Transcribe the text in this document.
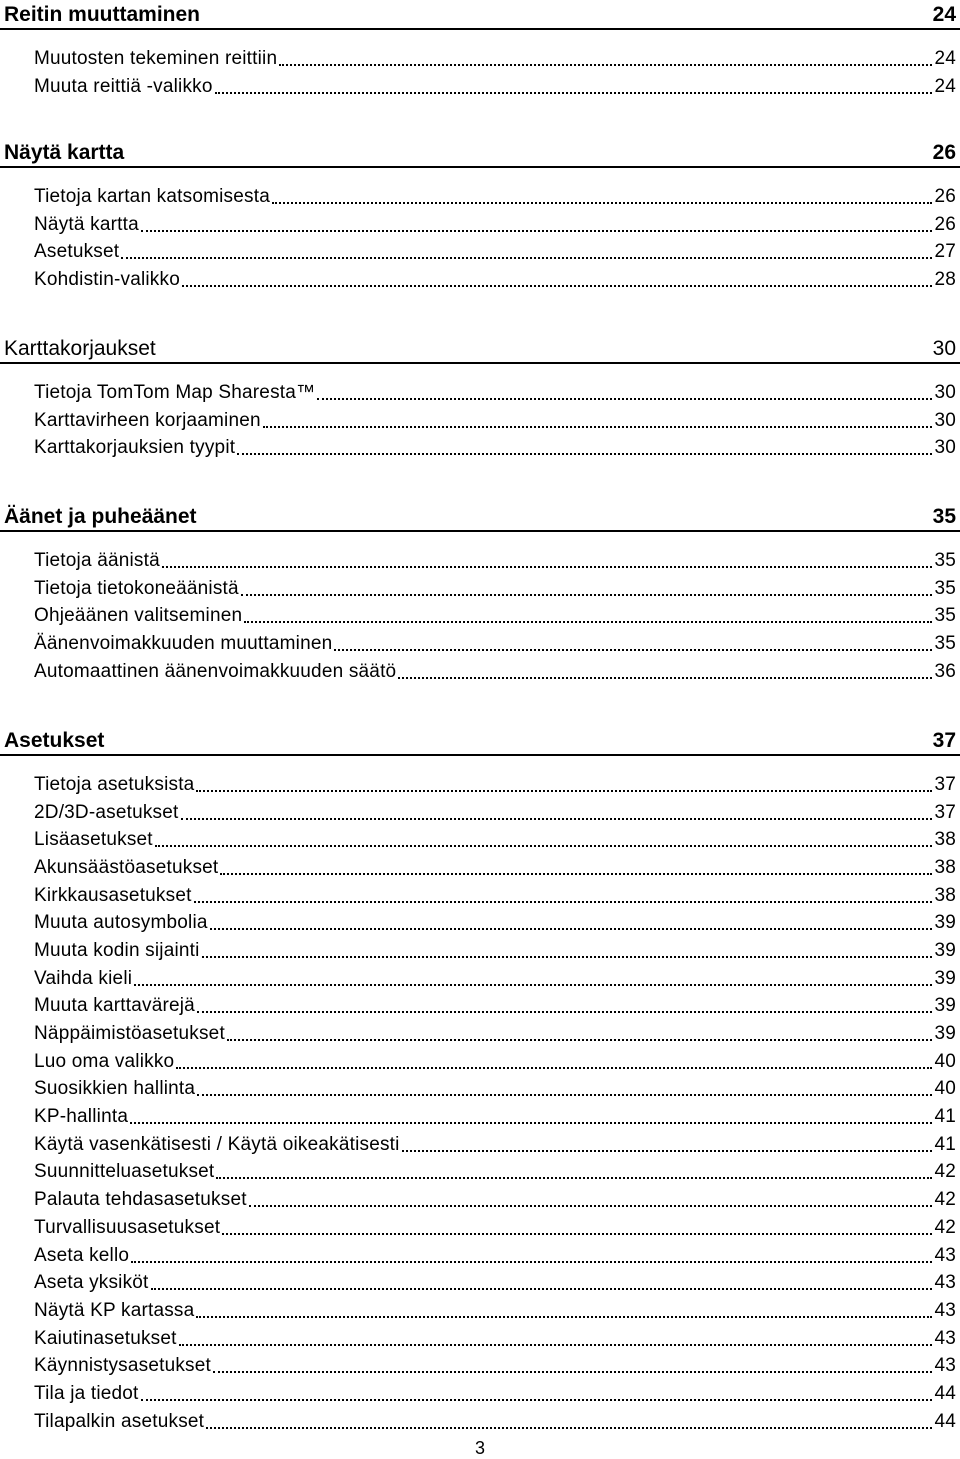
Reitin muuttaminen	24
Muutosten tekeminen reittiin	24
Muuta reittiä -valikko	24
Näytä kartta	26
Tietoja kartan katsomisesta	26
Näytä kartta	26
Asetukset	27
Kohdistin-valikko	28
Karttakorjaukset	30
Tietoja TomTom Map Sharesta™	30
Karttavirheen korjaaminen	30
Karttakorjauksien tyypit	30
Äänet ja puheäänet	35
Tietoja äänistä	35
Tietoja tietokoneäänistä	35
Ohjeäänen valitseminen	35
Äänenvoimakkuuden muuttaminen	35
Automaattinen äänenvoimakkuuden säätö	36
Asetukset	37
Tietoja asetuksista	37
2D/3D-asetukset	37
Lisäasetukset	38
Akunsäästöasetukset	38
Kirkkausasetukset	38
Muuta autosymbolia	39
Muuta kodin sijainti	39
Vaihda kieli	39
Muuta karttavärejä	39
Näppäimistöasetukset	39
Luo oma valikko	40
Suosikkien hallinta	40
KP-hallinta	41
Käytä vasenkätisesti / Käytä oikeakätisesti	41
Suunnitteluasetukset	42
Palauta tehdasasetukset	42
Turvallisuusasetukset	42
Aseta kello	43
Aseta yksiköt	43
Näytä KP kartassa	43
Kaiutinasetukset	43
Käynnistysasetukset	43
Tila ja tiedot	44
Tilapalkin asetukset	44
3
